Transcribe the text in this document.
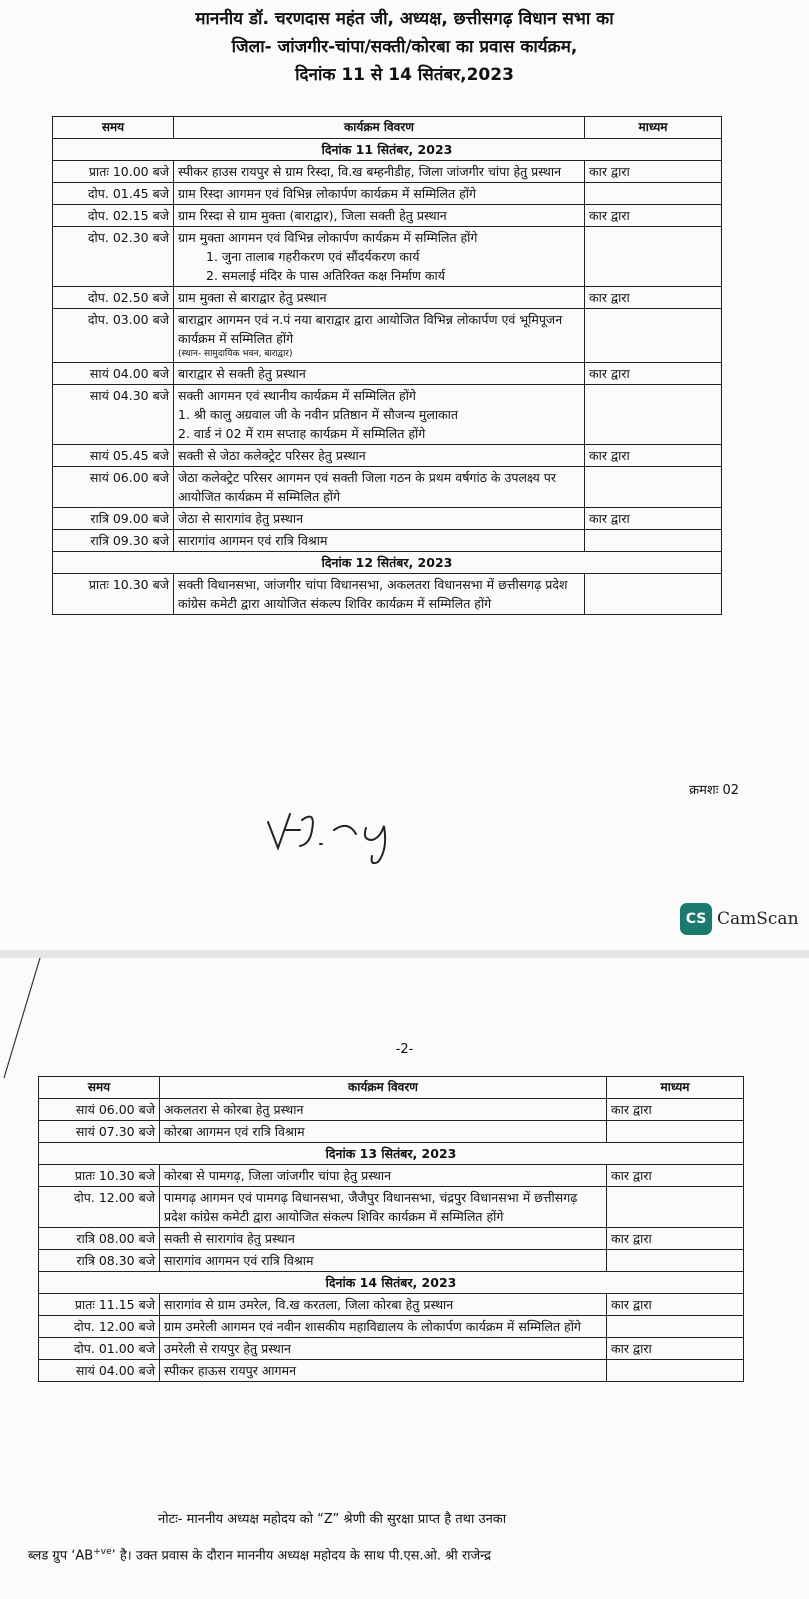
माननीय डॉ. चरणदास महंत जी, अध्यक्ष, छत्तीसगढ़ विधान सभा का
जिला- जांजगीर-चांपा/सक्ती/कोरबा का प्रवास कार्यक्रम,
दिनांक 11 से 14 सितंबर,2023
समय	कार्यक्रम विवरण	माध्यम
दिनांक 11 सितंबर, 2023		
प्रातः 10.00 बजे	स्पीकर हाउस रायपुर से ग्राम रिस्दा, वि.ख बम्हनीडीह, जिला जांजगीर चांपा हेतु प्रस्थान	कार द्वारा
दोप. 01.45 बजे	ग्राम रिस्दा आगमन एवं विभिन्न लोकार्पण कार्यक्रम में सम्मिलित होंगे	
दोप. 02.15 बजे	ग्राम रिस्दा से ग्राम मुक्ता (बाराद्वार), जिला सक्ती हेतु प्रस्थान	कार द्वारा
दोप. 02.30 बजे	ग्राम मुक्ता आगमन एवं विभिन्न लोकार्पण कार्यक्रम में सम्मिलित होंगे
1. जुना तालाब गहरीकरण एवं सौंदर्यकरण कार्य
2. समलाई मंदिर के पास अतिरिक्त कक्ष निर्माण कार्य	

दोप. 02.50 बजे	ग्राम मुक्ता से बाराद्वार हेतु प्रस्थान	कार द्वारा
दोप. 03.00 बजे	बाराद्वार आगमन एवं न.पं नया बाराद्वार द्वारा आयोजित विभिन्न लोकार्पण एवं भूमिपूजन कार्यक्रम में सम्मिलित होंगे
(स्थान- सामुदायिक भवन, बाराद्वार)	

सायं 04.00 बजे	बाराद्वार से सक्ती हेतु प्रस्थान	कार द्वारा
सायं 04.30 बजे	सक्ती आगमन एवं स्थानीय कार्यक्रम में सम्मिलित होंगे
1. श्री कालु अग्रवाल जी के नवीन प्रतिष्ठान में सौजन्य मुलाकात
2. वार्ड नं 02 में राम सप्ताह कार्यक्रम में सम्मिलित होंगे	

सायं 05.45 बजे	सक्ती से जेठा कलेक्ट्रेट परिसर हेतु प्रस्थान	कार द्वारा
सायं 06.00 बजे	जेठा कलेक्ट्रेट परिसर आगमन एवं सक्ती जिला गठन के प्रथम वर्षगांठ के उपलक्ष्य पर आयोजित कार्यक्रम में सम्मिलित होंगे	
रात्रि 09.00 बजे	जेठा से सारागांव हेतु प्रस्थान	कार द्वारा
रात्रि 09.30 बजे	सारागांव आगमन एवं रात्रि विश्राम	
दिनांक 12 सितंबर, 2023		
प्रातः 10.30 बजे	सक्ती विधानसभा, जांजगीर चांपा विधानसभा, अकलतरा विधानसभा में छत्तीसगढ़ प्रदेश कांग्रेस कमेटी द्वारा आयोजित संकल्प शिविर कार्यक्रम में सम्मिलित होंगे	
क्रमशः 02
CS CamScan
-2-
समय	कार्यक्रम विवरण	माध्यम
सायं 06.00 बजे	अकलतरा से कोरबा हेतु प्रस्थान	कार द्वारा
सायं 07.30 बजे	कोरबा आगमन एवं रात्रि विश्राम	
दिनांक 13 सितंबर, 2023		
प्रातः 10.30 बजे	कोरबा से पामगढ़, जिला जांजगीर चांपा हेतु प्रस्थान	कार द्वारा
दोप. 12.00 बजे	पामगढ़ आगमन एवं पामगढ़ विधानसभा, जैजैपुर विधानसभा, चंद्रपुर विधानसभा में छत्तीसगढ़ प्रदेश कांग्रेस कमेटी द्वारा आयोजित संकल्प शिविर कार्यक्रम में सम्मिलित होंगे	
रात्रि 08.00 बजे	सक्ती से सारागांव हेतु प्रस्थान	कार द्वारा
रात्रि 08.30 बजे	सारागांव आगमन एवं रात्रि विश्राम	
दिनांक 14 सितंबर, 2023		
प्रातः 11.15 बजे	सारागांव से ग्राम उमरेल, वि.ख करतला, जिला कोरबा हेतु प्रस्थान	कार द्वारा
दोप. 12.00 बजे	ग्राम उमरेली आगमन एवं नवीन शासकीय महाविद्यालय के लोकार्पण कार्यक्रम में सम्मिलित होंगे	
दोप. 01.00 बजे	उमरेली से रायपुर हेतु प्रस्थान	कार द्वारा
सायं 04.00 बजे	स्पीकर हाऊस रायपुर आगमन	
नोटः- माननीय अध्यक्ष महोदय को “Z” श्रेणी की सुरक्षा प्राप्त है तथा उनका
ब्लड ग्रुप ‘$AB^{+ve}$’ है। उक्त प्रवास के दौरान माननीय अध्यक्ष महोदय के साथ पी.एस.ओ. श्री राजेन्द्र
